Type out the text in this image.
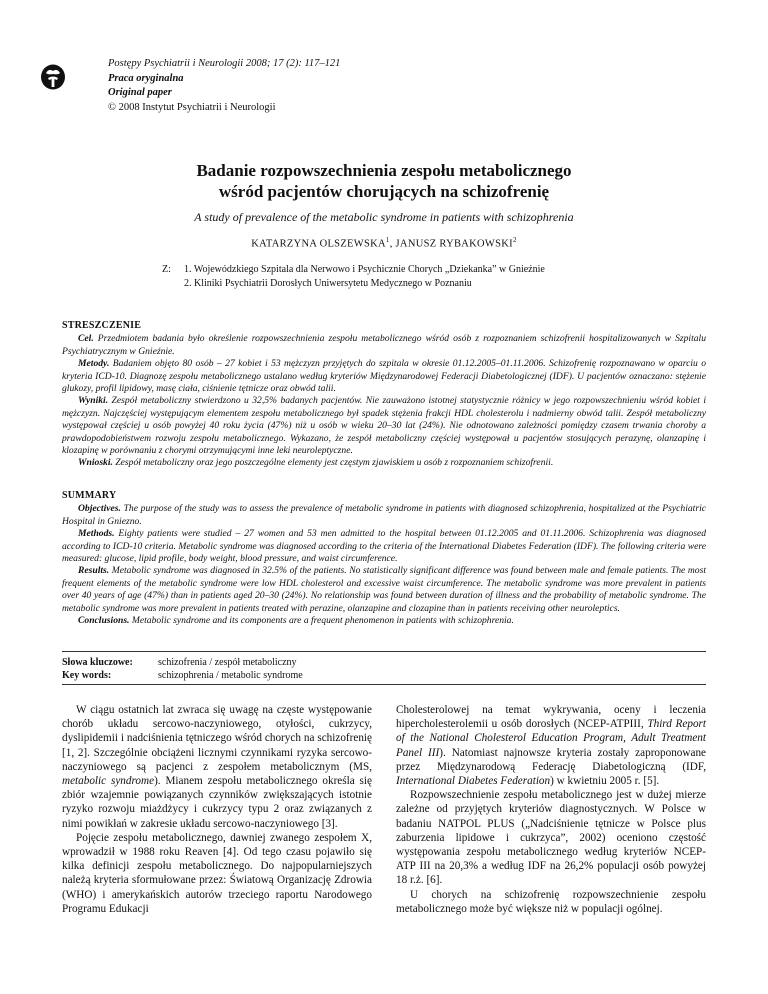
Postępy Psychiatrii i Neurologii 2008; 17 (2): 117–121
Praca oryginalna
Original paper
© 2008 Instytut Psychiatrii i Neurologii
Badanie rozpowszechnienia zespołu metabolicznego
wśród pacjentów chorujących na schizofrenię
A study of prevalence of the metabolic syndrome in patients with schizophrenia
KATARZYNA OLSZEWSKA$^1$, JANUSZ RYBAKOWSKI$^2$
Z: 1. Wojewódzkiego Szpitala dla Nerwowo i Psychicznie Chorych „Dziekanka” w Gnieźnie
2. Kliniki Psychiatrii Dorosłych Uniwersytetu Medycznego w Poznaniu
STRESZCZENIE

Cel. Przedmiotem badania było określenie rozpowszechnienia zespołu metabolicznego wśród osób z rozpoznaniem schizofrenii hospitalizowanych w Szpitalu Psychiatrycznym w Gnieźnie.

Metody. Badaniem objęto 80 osób – 27 kobiet i 53 mężczyzn przyjętych do szpitala w okresie 01.12.2005–01.11.2006. Schizofrenię rozpoznawano w oparciu o kryteria ICD-10. Diagnozę zespołu metabolicznego ustalano według kryteriów Międzynarodowej Federacji Diabetologicznej (IDF). U pacjentów oznaczano: stężenie glukozy, profil lipidowy, masę ciała, ciśnienie tętnicze oraz obwód talii.

Wyniki. Zespół metaboliczny stwierdzono u 32,5% badanych pacjentów. Nie zauważono istotnej statystycznie różnicy w jego rozpowszechnieniu wśród kobiet i mężczyzn. Najczęściej występującym elementem zespołu metabolicznego był spadek stężenia frakcji HDL cholesterolu i nadmierny obwód talii. Zespół metaboliczny występował częściej u osób powyżej 40 roku życia (47%) niż u osób w wieku 20–30 lat (24%). Nie odnotowano zależności pomiędzy czasem trwania choroby a prawdopodobieństwem rozwoju zespołu metabolicznego. Wykazano, że zespół metaboliczny częściej występował u pacjentów stosujących perazynę, olanzapinę i klozapinę w porównaniu z chorymi otrzymującymi inne leki neuroleptyczne.

Wnioski. Zespół metaboliczny oraz jego poszczególne elementy jest częstym zjawiskiem u osób z rozpoznaniem schizofrenii.

SUMMARY

Objectives. The purpose of the study was to assess the prevalence of metabolic syndrome in patients with diagnosed schizophrenia, hospitalized at the Psychiatric Hospital in Gniezno.

Methods. Eighty patients were studied – 27 women and 53 men admitted to the hospital between 01.12.2005 and 01.11.2006. Schizophrenia was diagnosed according to ICD-10 criteria. Metabolic syndrome was diagnosed according to the criteria of the International Diabetes Federation (IDF). The following criteria were measured: glucose, lipid profile, body weight, blood pressure, and waist circumference.

Results. Metabolic syndrome was diagnosed in 32.5% of the patients. No statistically significant difference was found between male and female patients. The most frequent elements of the metabolic syndrome were low HDL cholesterol and excessive waist circumference. The metabolic syndrome was more prevalent in patients over 40 years of age (47%) than in patients aged 20–30 (24%). No relationship was found between duration of illness and the probability of metabolic syndrome. The metabolic syndrome was more prevalent in patients treated with perazine, olanzapine and clozapine than in patients receiving other neuroleptics.

Conclusions. Metabolic syndrome and its components are a frequent phenomenon in patients with schizophrenia.

Słowa kluczowe:	schizofrenia / zespół metaboliczny
Key words:	schizophrenia / metabolic syndrome

W ciągu ostatnich lat zwraca się uwagę na częste występowanie chorób układu sercowo-naczyniowego, otyłości, cukrzycy, dyslipidemii i nadciśnienia tętniczego wśród chorych na schizofrenię [1, 2]. Szczególnie obciążeni licznymi czynnikami ryzyka sercowo-naczyniowego są pacjenci z zespołem metabolicznym (MS, metabolic syndrome). Mianem zespołu metabolicznego określa się zbiór wzajemnie powiązanych czynników zwiększających istotnie ryzyko rozwoju miażdżycy i cukrzycy typu 2 oraz związanych z nimi powikłań w zakresie układu sercowo-naczyniowego [3].

Pojęcie zespołu metabolicznego, dawniej zwanego zespołem X, wprowadził w 1988 roku Reaven [4]. Od tego czasu pojawiło się kilka definicji zespołu metabolicznego. Do najpopularniejszych należą kryteria sformułowane przez: Światową Organizację Zdrowia (WHO) i amerykańskich autorów trzeciego raportu Narodowego Programu Edukacji

Cholesterolowej na temat wykrywania, oceny i leczenia hipercholesterolemii u osób dorosłych (NCEP-ATPIII, Third Report of the National Cholesterol Education Program, Adult Treatment Panel III). Natomiast najnowsze kryteria zostały zaproponowane przez Międzynarodową Federację Diabetologiczną (IDF, International Diabetes Federation) w kwietniu 2005 r. [5].

Rozpowszechnienie zespołu metabolicznego jest w dużej mierze zależne od przyjętych kryteriów diagnostycznych. W Polsce w badaniu NATPOL PLUS („Nadciśnienie tętnicze w Polsce plus zaburzenia lipidowe i cukrzyca”, 2002) oceniono częstość występowania zespołu metabolicznego według kryteriów NCEP-ATP III na 20,3% a według IDF na 26,2% populacji osób powyżej 18 r.ż. [6].

U chorych na schizofrenię rozpowszechnienie zespołu metabolicznego może być większe niż w populacji ogólnej.
